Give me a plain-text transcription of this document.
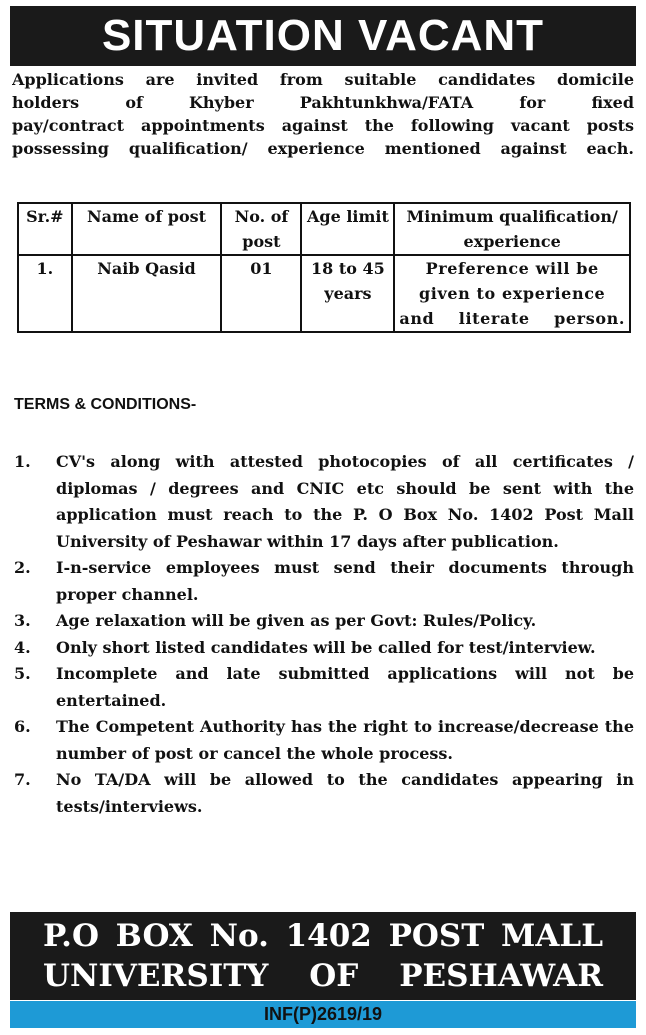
SITUATION VACANT

Applications are invited from suitable candidates domicile
holders of Khyber Pakhtunkhwa/FATA for fixed
pay/contract appointments against the following vacant posts
possessing qualification/ experience mentioned against each.

Sr.#	Name of post	No. of post	Age limit	Minimum qualification/ experience
1.	Naib Qasid	01	18 to 45 years	Preference will be given to experience and literate person.
TERMS & CONDITIONS-
1.	CV's along with attested photocopies of all certificates / diplomas / degrees and CNIC etc should be sent with the application must reach to the P. O Box No. 1402 Post Mall University of Peshawar within 17 days after publication.
2.	I-n-service employees must send their documents through proper channel.
3.	Age relaxation will be given as per Govt: Rules/Policy.
4.	Only short listed candidates will be called for test/interview.
5.	Incomplete and late submitted applications will not be entertained.
6.	The Competent Authority has the right to increase/decrease the number of post or cancel the whole process.
7.	No TA/DA will be allowed to the candidates appearing in tests/interviews.
P.O BOX No. 1402 POST MALL
UNIVERSITY OF PESHAWAR
INF(P)2619/19
